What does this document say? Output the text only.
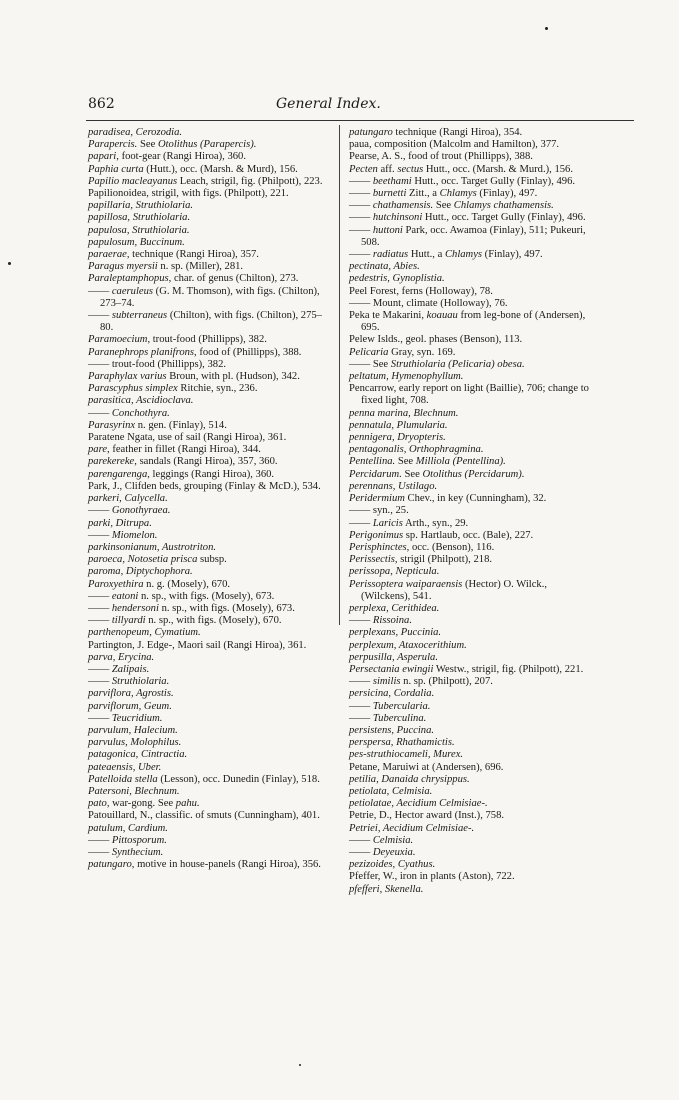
862	General Index.
paradisea, Cerozodia.
Parapercis. See Otolithus (Parapercis).
papari, foot-gear (Rangi Hiroa), 360.
Paphia curta (Hutt.), occ. (Marsh. & Murd), 156.
Papilio macleayanus Leach, strigil, fig. (Philpott), 223.
Papilionoidea, strigil, with figs. (Philpott), 221.
papillaria, Struthiolaria.
papillosa, Struthiolaria.
papulosa, Struthiolaria.
papulosum, Buccinum.
paraerae, technique (Rangi Hiroa), 357.
Paragus myersii n. sp. (Miller), 281.
Paraleptamphopus, char. of genus (Chilton), 273.
—— caeruleus (G. M. Thomson), with figs. (Chilton), 273–74.
—— subterraneus (Chilton), with figs. (Chilton), 275–80.
Paramoecium, trout-food (Phillipps), 382.
Paranephrops planifrons, food of (Phillipps), 388.
—— trout-food (Phillipps), 382.
Paraphylax varius Broun, with pl. (Hudson), 342.
Parascyphus simplex Ritchie, syn., 236.
parasitica, Ascidioclava.
—— Conchothyra.
Parasyrinx n. gen. (Finlay), 514.
Paratene Ngata, use of sail (Rangi Hiroa), 361.
pare, feather in fillet (Rangi Hiroa), 344.
parekereke, sandals (Rangi Hiroa), 357, 360.
parengarenga, leggings (Rangi Hiroa), 360.
Park, J., Clifden beds, grouping (Finlay & McD.), 534.
parkeri, Calycella.
—— Gonothyraea.
parki, Ditrupa.
—— Miomelon.
parkinsonianum, Austrotriton.
paroeca, Notosetia prisca subsp.
paroma, Diptychophora.
Paroxyethira n. g. (Mosely), 670.
—— eatoni n. sp., with figs. (Mosely), 673.
—— hendersoni n. sp., with figs. (Mosely), 673.
—— tillyardi n. sp., with figs. (Mosely), 670.
parthenopeum, Cymatium.
Partington, J. Edge-, Maori sail (Rangi Hiroa), 361.
parva, Erycina.
—— Zalipais.
—— Struthiolaria.
parviflora, Agrostis.
parviflorum, Geum.
—— Teucridium.
parvulum, Halecium.
parvulus, Molophilus.
patagonica, Cintractia.
pateaensis, Uber.
Patelloida stella (Lesson), occ. Dunedin (Finlay), 518.
Patersoni, Blechnum.
pato, war-gong. See pahu.
Patouillard, N., classific. of smuts (Cunningham), 401.
patulum, Cardium.
—— Pittosporum.
—— Synthecium.
patungaro, motive in house-panels (Rangi Hiroa), 356.
patungaro technique (Rangi Hiroa), 354.
paua, composition (Malcolm and Hamilton), 377.
Pearse, A. S., food of trout (Phillipps), 388.
Pecten aff. sectus Hutt., occ. (Marsh. & Murd.), 156.
—— beethami Hutt., occ. Target Gully (Finlay), 496.
—— burnetti Zitt., a Chlamys (Finlay), 497.
—— chathamensis. See Chlamys chathamensis.
—— hutchinsoni Hutt., occ. Target Gully (Finlay), 496.
—— huttoni Park, occ. Awamoa (Finlay), 511; Pukeuri, 508.
—— radiatus Hutt., a Chlamys (Finlay), 497.
pectinata, Abies.
pedestris, Gynoplistia.
Peel Forest, ferns (Holloway), 78.
—— Mount, climate (Holloway), 76.
Peka te Makarini, koauau from leg-bone of (Andersen), 695.
Pelew Islds., geol. phases (Benson), 113.
Pelicaria Gray, syn. 169.
—— See Struthiolaria (Pelicaria) obesa.
peltatum, Hymenophyllum.
Pencarrow, early report on light (Baillie), 706; change to fixed light, 708.
penna marina, Blechnum.
pennatula, Plumularia.
pennigera, Dryopteris.
pentagonalis, Orthophragmina.
Pentellina. See Milliola (Pentellina).
Percidarum. See Otolithus (Percidarum).
perennans, Ustilago.
Peridermium Chev., in key (Cunningham), 32.
—— syn., 25.
—— Laricis Arth., syn., 29.
Perigonimus sp. Hartlaub, occ. (Bale), 227.
Perisphinctes, occ. (Benson), 116.
Perissectis, strigil (Philpott), 218.
perissopa, Nepticula.
Perissoptera waiparaensis (Hector) O. Wilck., (Wilckens), 541.
perplexa, Cerithidea.
—— Rissoina.
perplexans, Puccinia.
perplexum, Ataxocerithium.
perpusilla, Asperula.
Persectania ewingii Westw., strigil, fig. (Philpott), 221.
—— similis n. sp. (Philpott), 207.
persicina, Cordalia.
—— Tubercularia.
—— Tuberculina.
persistens, Puccina.
perspersa, Rhathamictis.
pes-struthiocameli, Murex.
Petane, Maruiwi at (Andersen), 696.
petilia, Danaida chrysippus.
petiolata, Celmisia.
petiolatae, Aecidium Celmisiae-.
Petrie, D., Hector award (Inst.), 758.
Petriei, Aecidium Celmisiae-.
—— Celmisia.
—— Deyeuxia.
pezizoides, Cyathus.
Pfeffer, W., iron in plants (Aston), 722.
pfefferi, Skenella.
